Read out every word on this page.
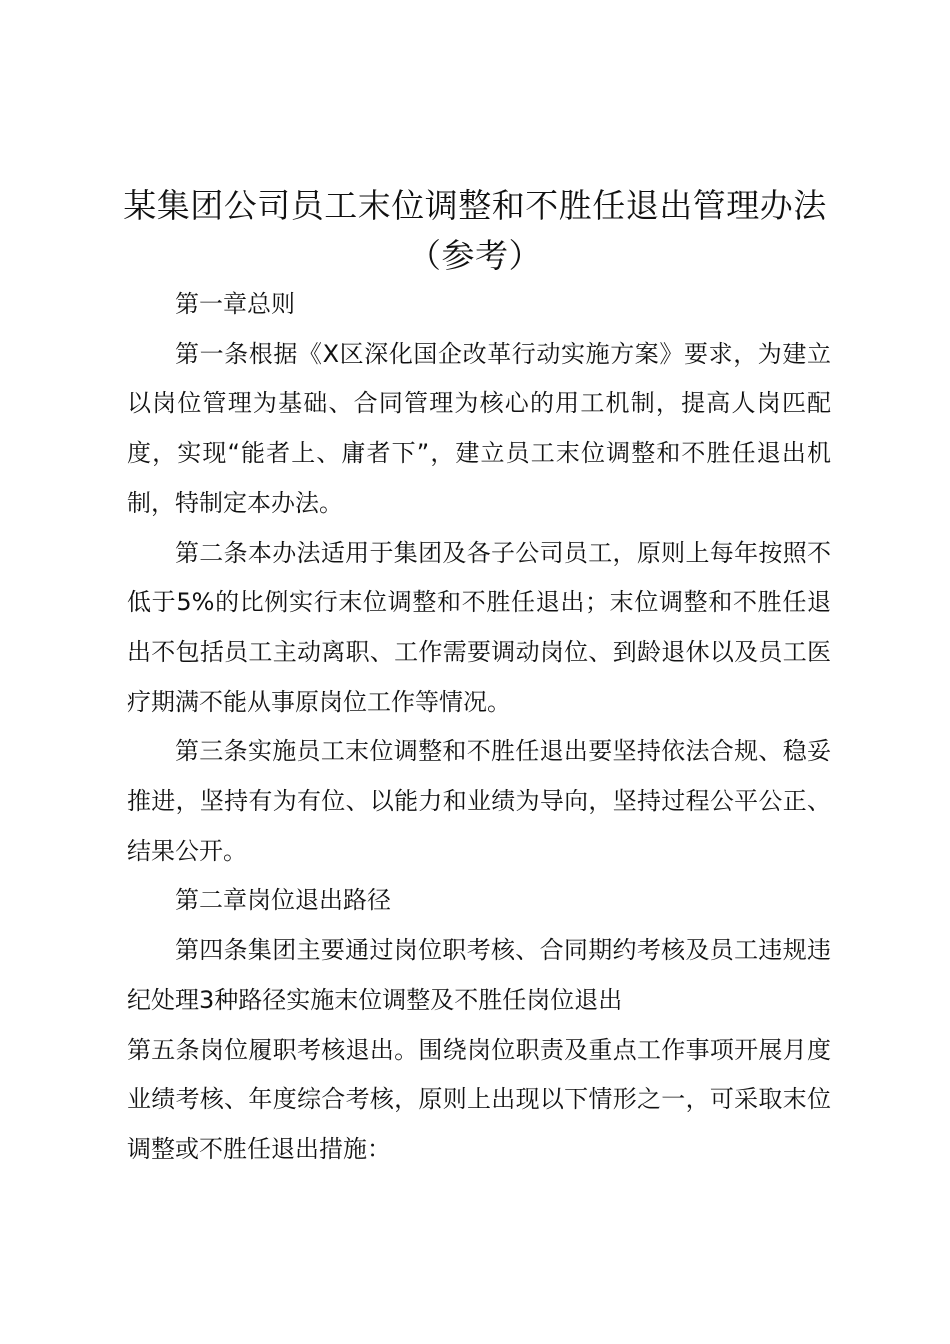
某集团公司员工末位调整和不胜任退出管理办法（参考）

第一章总则

第一条根据《X区深化国企改革行动实施方案》要求，为建立以岗位管理为基础、合同管理为核心的用工机制，提高人岗匹配度，实现“能者上、庸者下”，建立员工末位调整和不胜任退出机制，特制定本办法。

第二条本办法适用于集团及各子公司员工，原则上每年按照不低于5%的比例实行末位调整和不胜任退出；末位调整和不胜任退出不包括员工主动离职、工作需要调动岗位、到龄退休以及员工医疗期满不能从事原岗位工作等情况。

第三条实施员工末位调整和不胜任退出要坚持依法合规、稳妥推进，坚持有为有位、以能力和业绩为导向，坚持过程公平公正、结果公开。

第二章岗位退出路径

第四条集团主要通过岗位职考核、合同期约考核及员工违规违纪处理3种路径实施末位调整及不胜任岗位退出

第五条岗位履职考核退出。围绕岗位职责及重点工作事项开展月度业绩考核、年度综合考核，原则上出现以下情形之一，可采取末位调整或不胜任退出措施：
